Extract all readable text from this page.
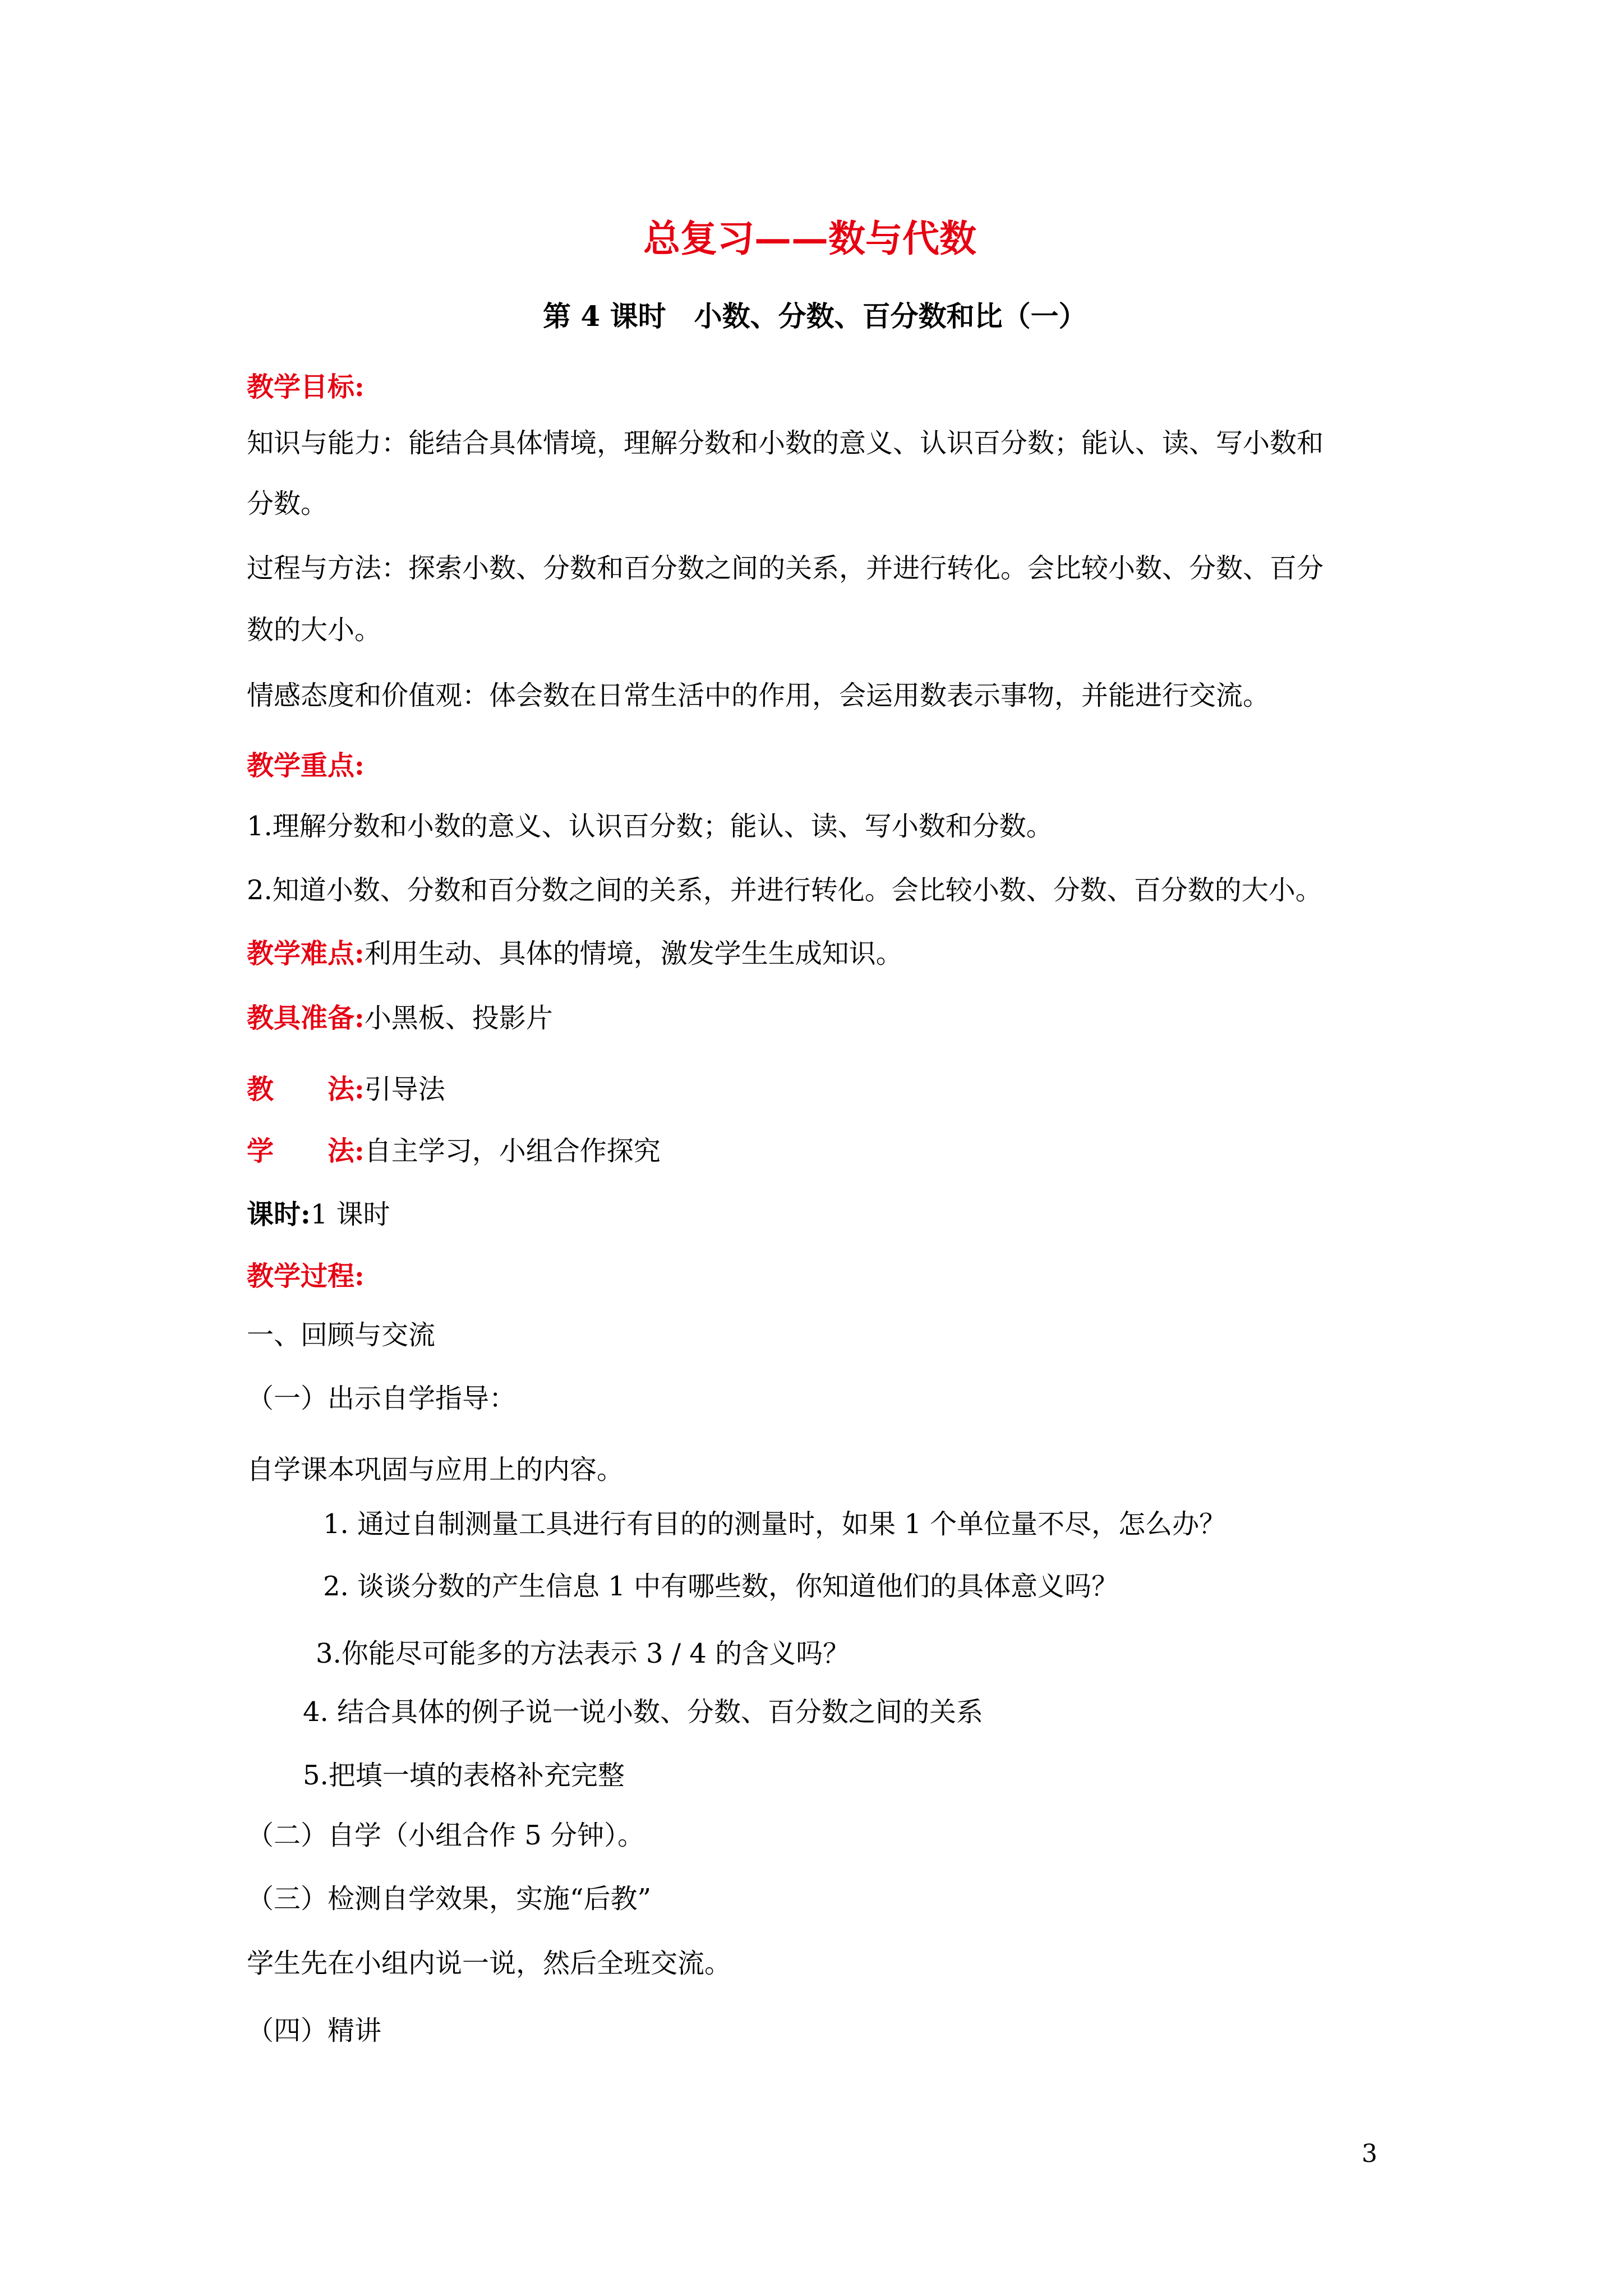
总复习——数与代数
第 4 课时　小数、分数、百分数和比（一）
教学目标:
知识与能力：能结合具体情境，理解分数和小数的意义、认识百分数；能认、读、写小数和
分数。
过程与方法：探索小数、分数和百分数之间的关系，并进行转化。会比较小数、分数、百分
数的大小。
情感态度和价值观：体会数在日常生活中的作用，会运用数表示事物，并能进行交流。
教学重点:
1.理解分数和小数的意义、认识百分数；能认、读、写小数和分数。
2.知道小数、分数和百分数之间的关系，并进行转化。会比较小数、分数、百分数的大小。
教学难点:利用生动、具体的情境，激发学生生成知识。
教具准备:小黑板、投影片
教　　法:引导法
学　　法:自主学习，小组合作探究
课时:1 课时
教学过程:
一、回顾与交流
（一）出示自学指导：
自学课本巩固与应用上的内容。
1. 通过自制测量工具进行有目的的测量时，如果 1 个单位量不尽，怎么办？
2. 谈谈分数的产生信息 1 中有哪些数，你知道他们的具体意义吗？
3.你能尽可能多的方法表示 3 / 4 的含义吗？
4. 结合具体的例子说一说小数、分数、百分数之间的关系
5.把填一填的表格补充完整
（二）自学（小组合作 5 分钟）。
（三）检测自学效果，实施“后教”
学生先在小组内说一说，然后全班交流。
（四）精讲
3
